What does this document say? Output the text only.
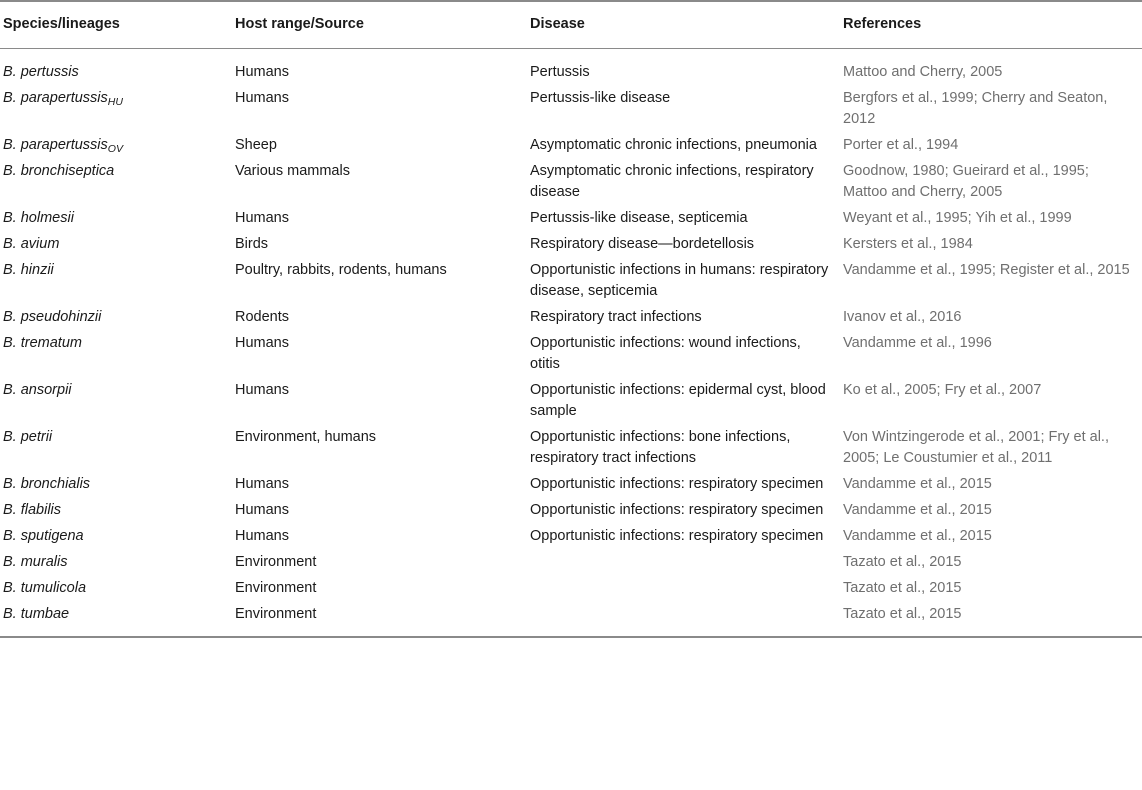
Species/lineages	Host range/Source	Disease	References
B. pertussis	Humans	Pertussis	Mattoo and Cherry, 2005
B. parapertussis$_{HU}$	Humans	Pertussis-like disease	Bergfors et al., 1999; Cherry and Seaton, 2012
B. parapertussis$_{OV}$	Sheep	Asymptomatic chronic infections, pneumonia	Porter et al., 1994
B. bronchiseptica	Various mammals	Asymptomatic chronic infections, respiratory disease	Goodnow, 1980; Gueirard et al., 1995; Mattoo and Cherry, 2005
B. holmesii	Humans	Pertussis-like disease, septicemia	Weyant et al., 1995; Yih et al., 1999
B. avium	Birds	Respiratory disease—bordetellosis	Kersters et al., 1984
B. hinzii	Poultry, rabbits, rodents, humans	Opportunistic infections in humans: respiratory disease, septicemia	Vandamme et al., 1995; Register et al., 2015
B. pseudohinzii	Rodents	Respiratory tract infections	Ivanov et al., 2016
B. trematum	Humans	Opportunistic infections: wound infections, otitis	Vandamme et al., 1996
B. ansorpii	Humans	Opportunistic infections: epidermal cyst, blood sample	Ko et al., 2005; Fry et al., 2007
B. petrii	Environment, humans	Opportunistic infections: bone infections, respiratory tract infections	Von Wintzingerode et al., 2001; Fry et al., 2005; Le Coustumier et al., 2011
B. bronchialis	Humans	Opportunistic infections: respiratory specimen	Vandamme et al., 2015
B. flabilis	Humans	Opportunistic infections: respiratory specimen	Vandamme et al., 2015
B. sputigena	Humans	Opportunistic infections: respiratory specimen	Vandamme et al., 2015
B. muralis	Environment		Tazato et al., 2015
B. tumulicola	Environment		Tazato et al., 2015
B. tumbae	Environment		Tazato et al., 2015
